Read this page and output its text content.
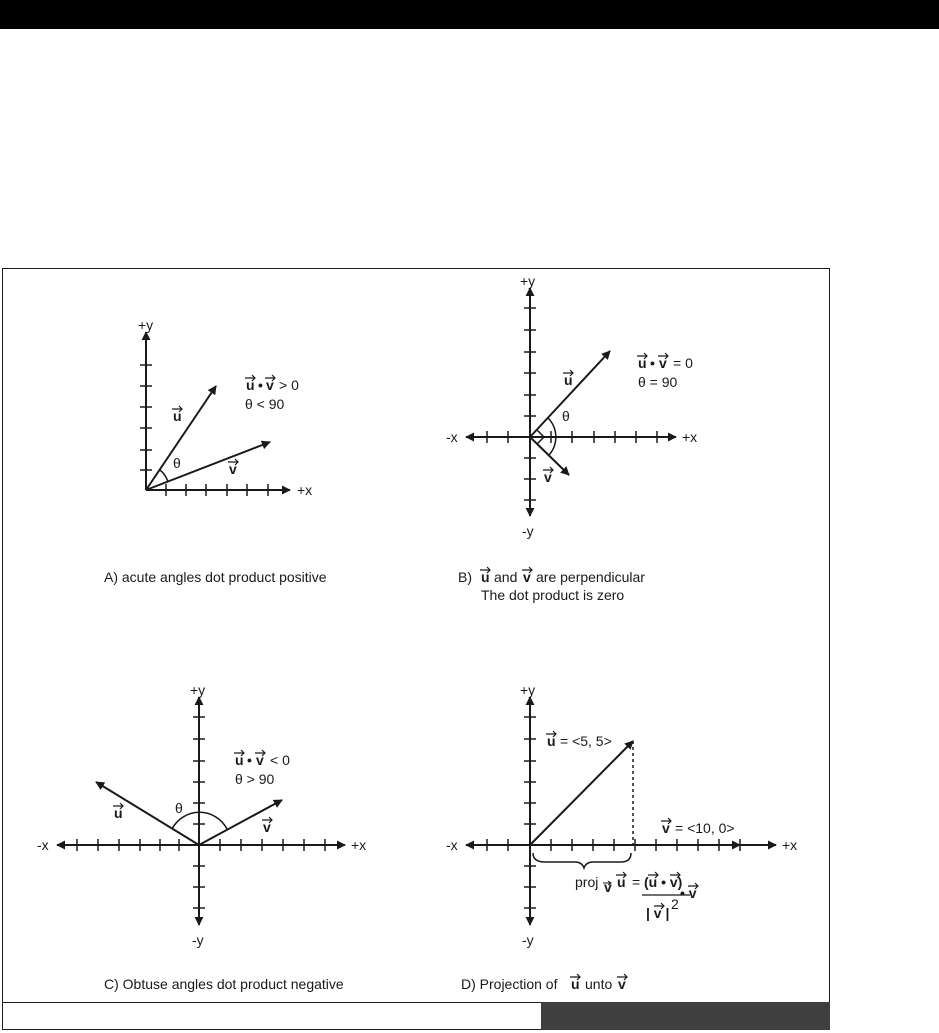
+y
+x
u
v
θ
u • v > 0
θ < 90
A) acute angles dot product positive
+y
-y
+x
-x
u
v
θ
u • v = 0
θ = 90
B) u and v are perpendicular
The dot product is zero
+y
-y
+x
-x
u
v
θ
u • v < 0
θ > 90
C) Obtuse angles dot product negative
+y
-y
+x
-x
u = <5, 5>
v = <10, 0>
proj v u = (u • v)
| v |
2
• v
D) Projection of u unto v
